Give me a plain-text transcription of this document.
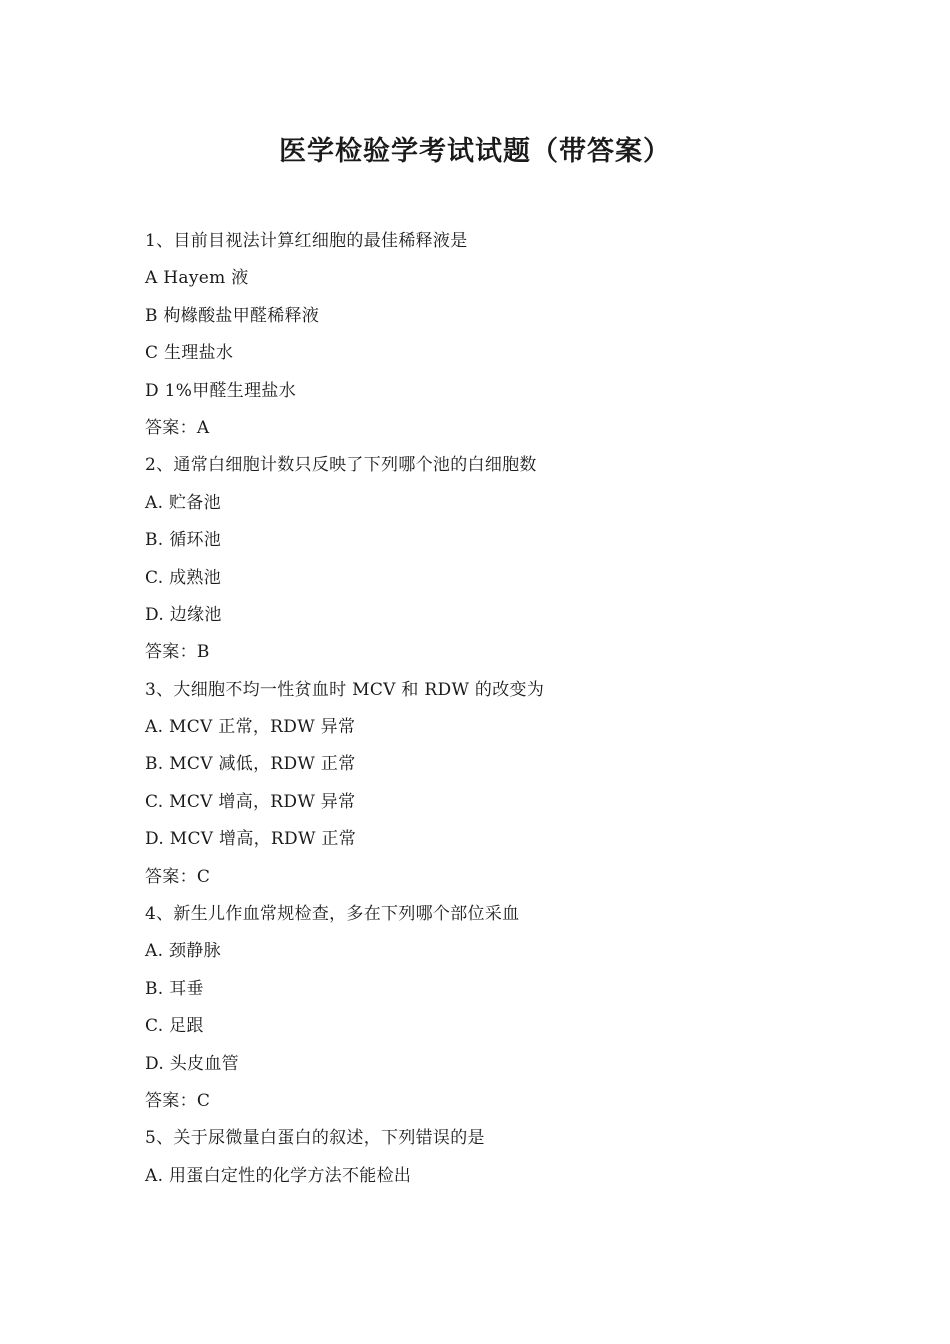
医学检验学考试试题（带答案）
1、目前目视法计算红细胞的最佳稀释液是
A Hayem 液
B 枸橼酸盐甲醛稀释液
C 生理盐水
D 1%甲醛生理盐水
答案：A
2、通常白细胞计数只反映了下列哪个池的白细胞数
A. 贮备池
B. 循环池
C. 成熟池
D. 边缘池
答案：B
3、大细胞不均一性贫血时 MCV 和 RDW 的改变为
A. MCV 正常，RDW 异常
B. MCV 减低，RDW 正常
C. MCV 增高，RDW 异常
D. MCV 增高，RDW 正常
答案：C
4、新生儿作血常规检查，多在下列哪个部位采血
A. 颈静脉
B. 耳垂
C. 足跟
D. 头皮血管
答案：C
5、关于尿微量白蛋白的叙述，下列错误的是
A. 用蛋白定性的化学方法不能检出
